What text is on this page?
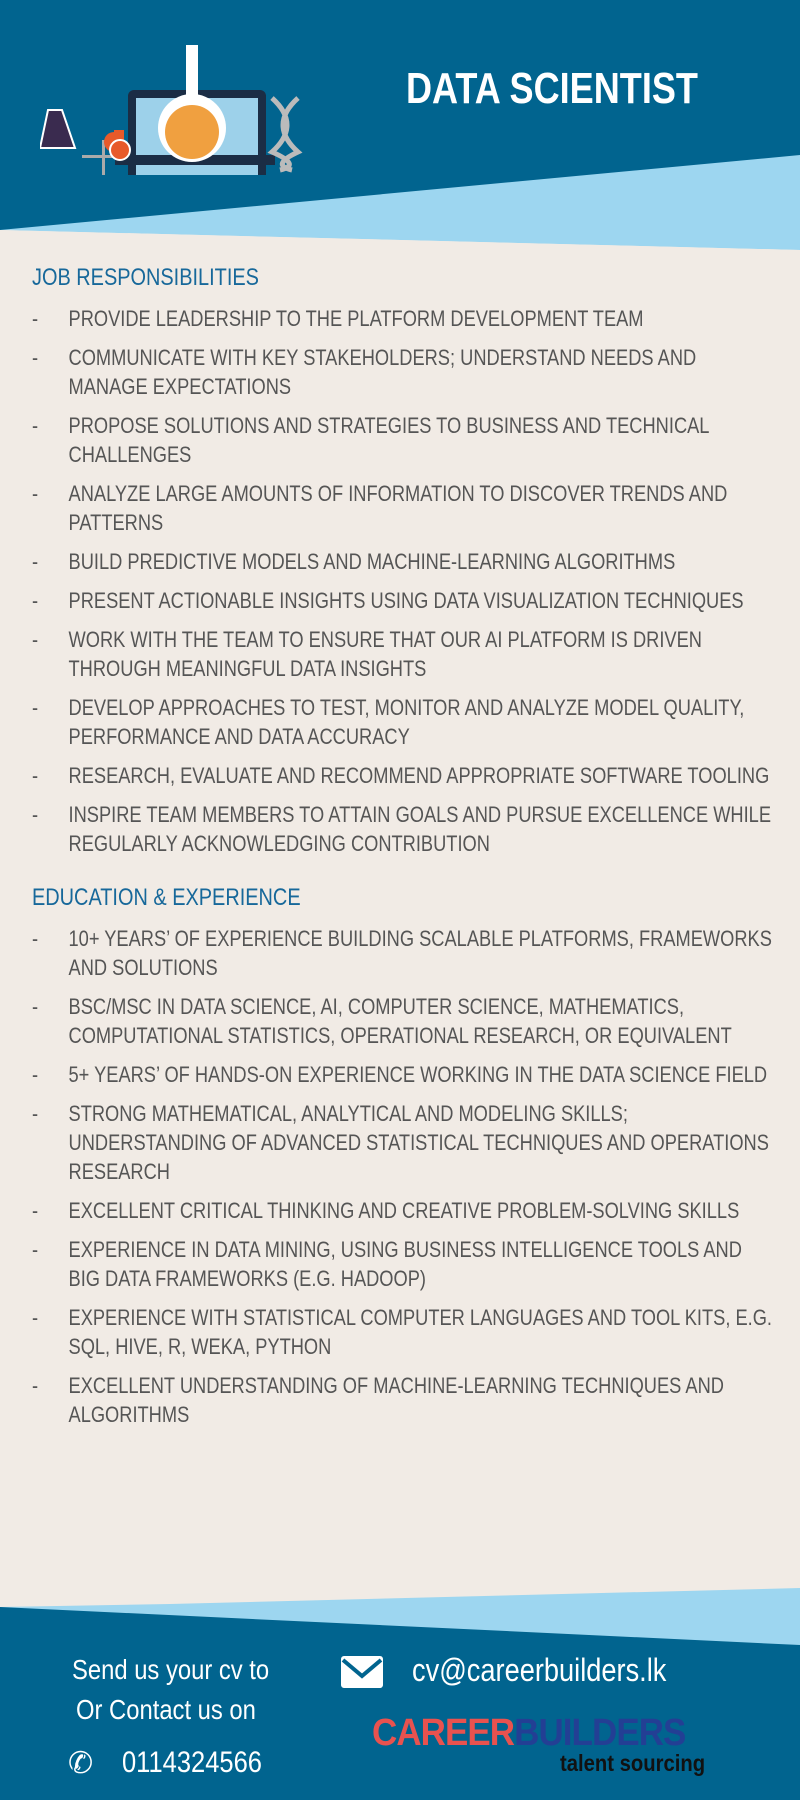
DATA SCIENTIST
JOB RESPONSIBILITIES
- PROVIDE LEADERSHIP TO THE PLATFORM DEVELOPMENT TEAM
- COMMUNICATE WITH KEY STAKEHOLDERS; UNDERSTAND NEEDS AND MANAGE EXPECTATIONS
- PROPOSE SOLUTIONS AND STRATEGIES TO BUSINESS AND TECHNICAL CHALLENGES
- ANALYZE LARGE AMOUNTS OF INFORMATION TO DISCOVER TRENDS AND PATTERNS
- BUILD PREDICTIVE MODELS AND MACHINE-LEARNING ALGORITHMS
- PRESENT ACTIONABLE INSIGHTS USING DATA VISUALIZATION TECHNIQUES
- WORK WITH THE TEAM TO ENSURE THAT OUR AI PLATFORM IS DRIVEN THROUGH MEANINGFUL DATA INSIGHTS
- DEVELOP APPROACHES TO TEST, MONITOR AND ANALYZE MODEL QUALITY, PERFORMANCE AND DATA ACCURACY
- RESEARCH, EVALUATE AND RECOMMEND APPROPRIATE SOFTWARE TOOLING
- INSPIRE TEAM MEMBERS TO ATTAIN GOALS AND PURSUE EXCELLENCE WHILE REGULARLY ACKNOWLEDGING CONTRIBUTION
EDUCATION & EXPERIENCE
- 10+ YEARS’ OF EXPERIENCE BUILDING SCALABLE PLATFORMS, FRAMEWORKS AND SOLUTIONS
- BSC/MSC IN DATA SCIENCE, AI, COMPUTER SCIENCE, MATHEMATICS, COMPUTATIONAL STATISTICS, OPERATIONAL RESEARCH, OR EQUIVALENT
- 5+ YEARS’ OF HANDS-ON EXPERIENCE WORKING IN THE DATA SCIENCE FIELD
- STRONG MATHEMATICAL, ANALYTICAL AND MODELING SKILLS; UNDERSTANDING OF ADVANCED STATISTICAL TECHNIQUES AND OPERATIONS RESEARCH
- EXCELLENT CRITICAL THINKING AND CREATIVE PROBLEM-SOLVING SKILLS
- EXPERIENCE IN DATA MINING, USING BUSINESS INTELLIGENCE TOOLS AND BIG DATA FRAMEWORKS (E.G. HADOOP)
- EXPERIENCE WITH STATISTICAL COMPUTER LANGUAGES AND TOOL KITS, E.G. SQL, HIVE, R, WEKA, PYTHON
- EXCELLENT UNDERSTANDING OF MACHINE-LEARNING TECHNIQUES AND ALGORITHMS
Send us your cv to	cv@careerbuilders.lk
Or Contact us on
✆ 0114324566
CAREERBUILDERS
talent sourcing
